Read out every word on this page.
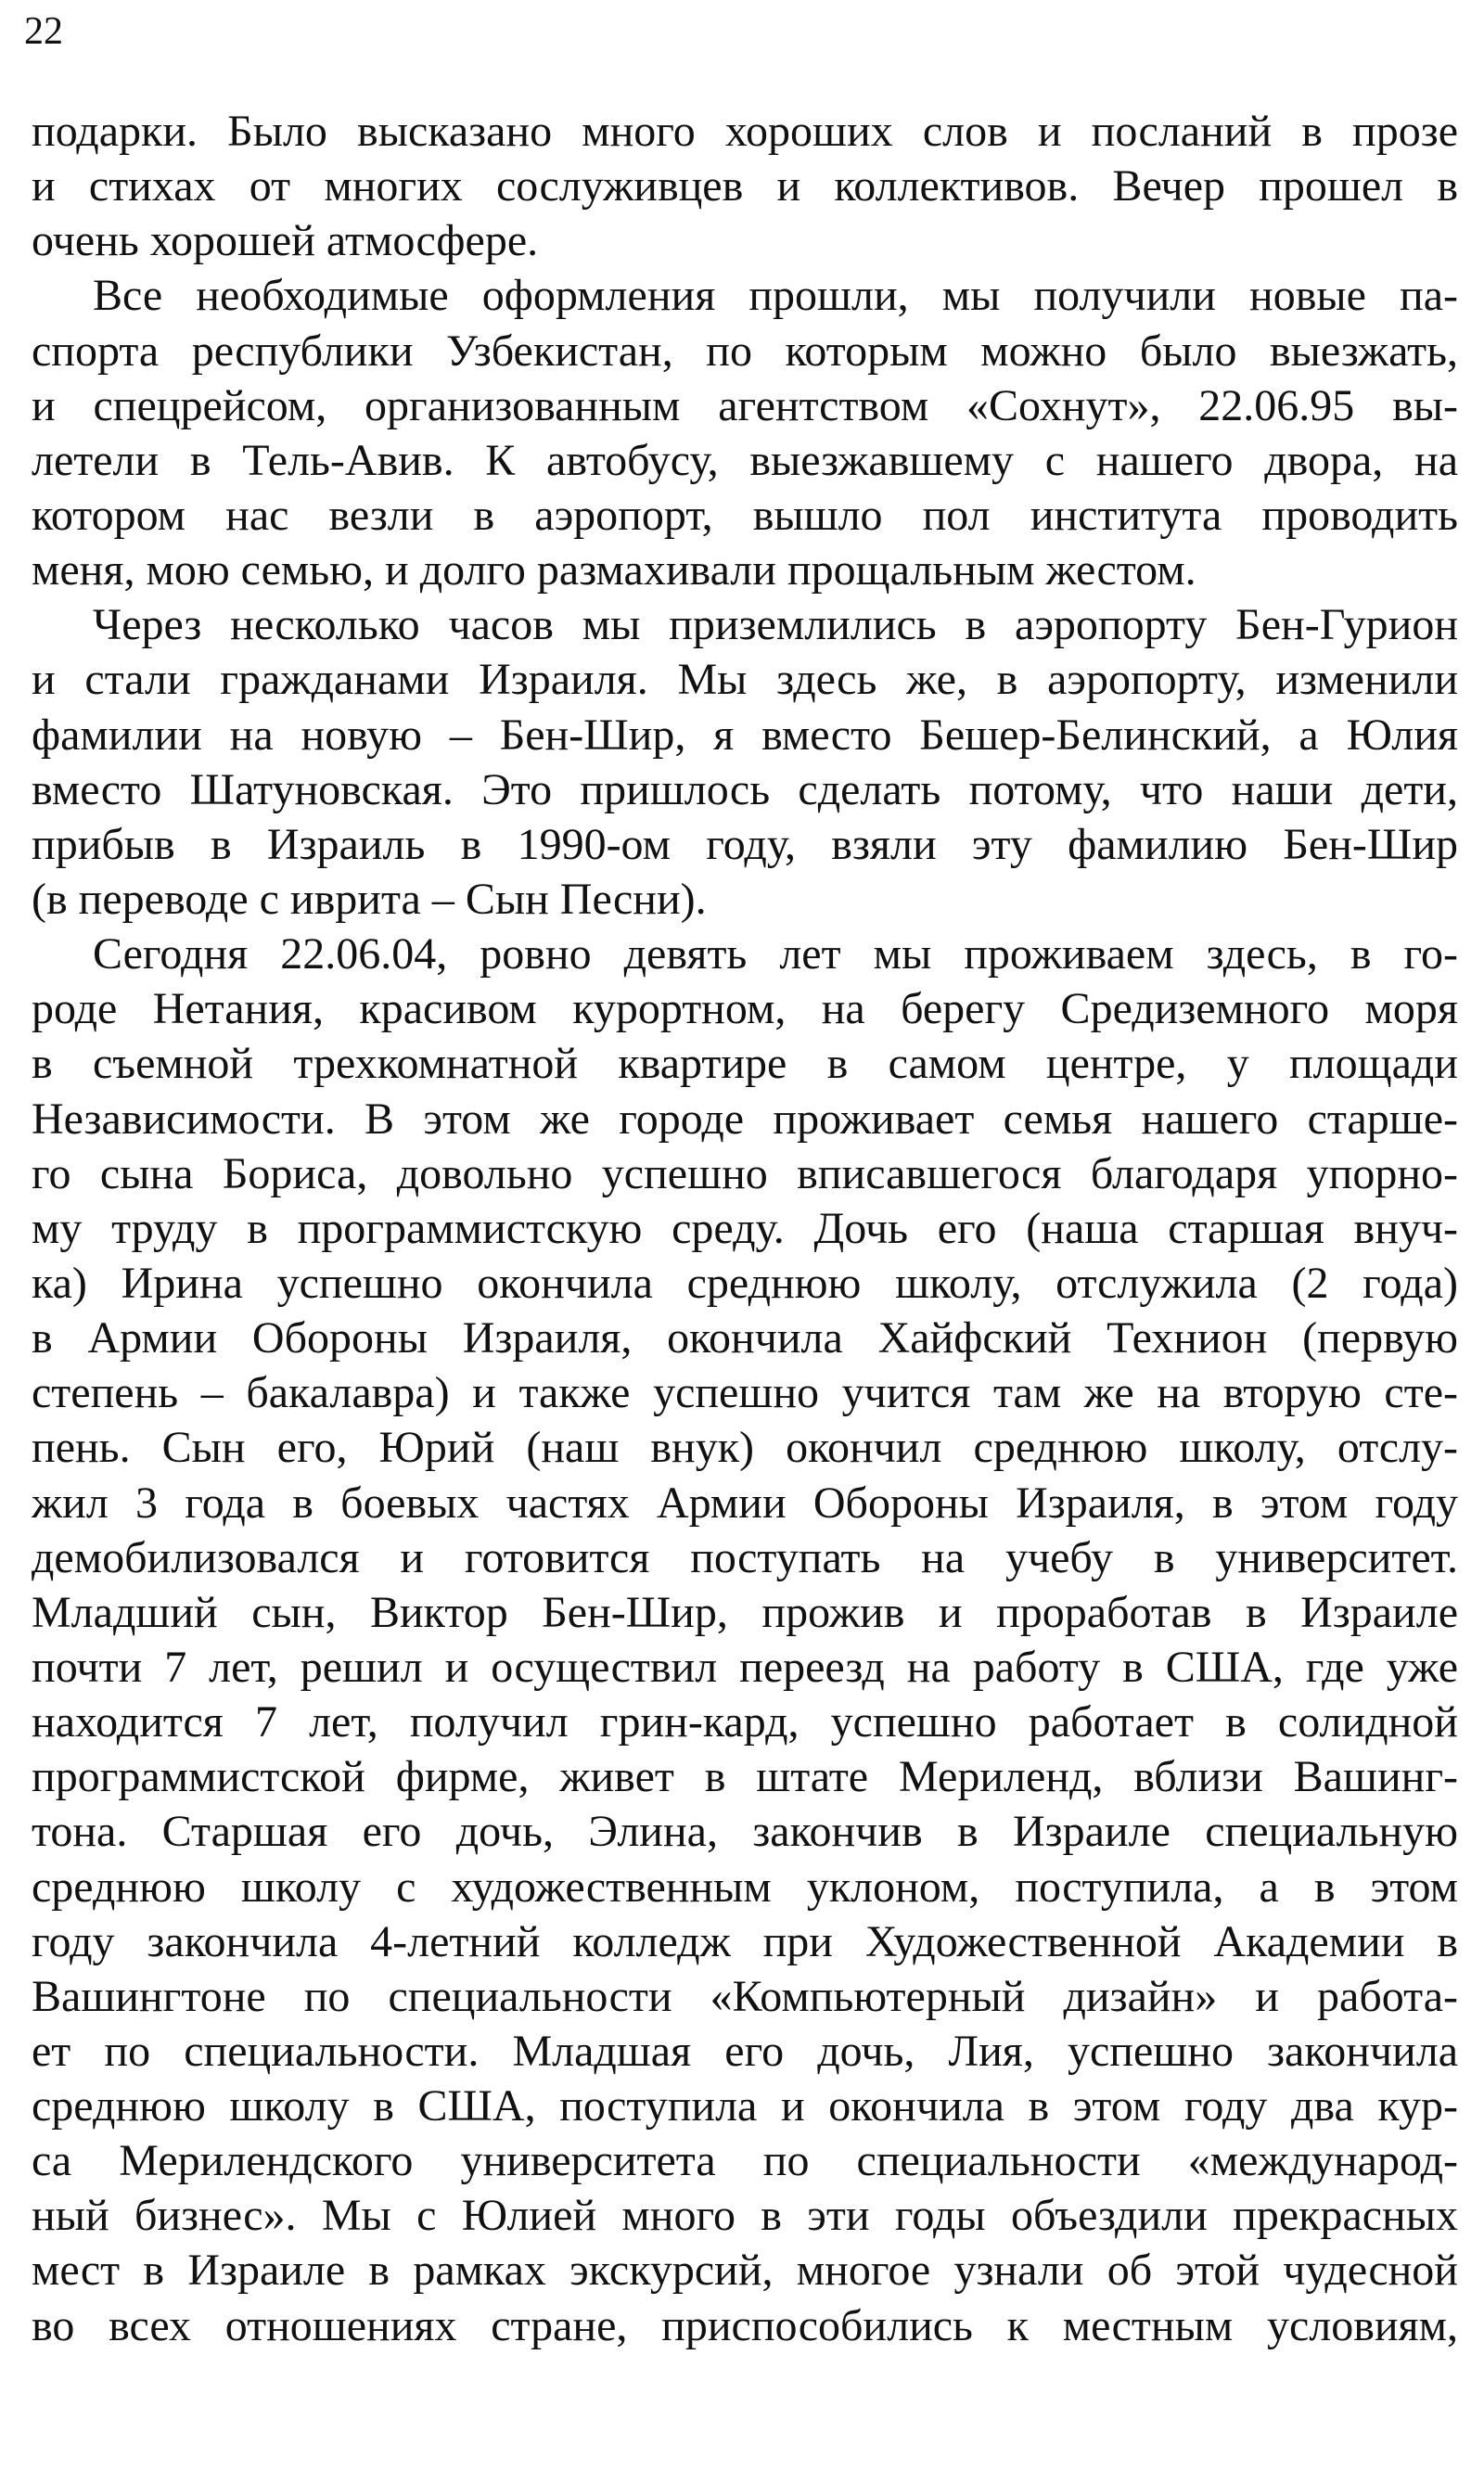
22
подарки. Было высказано много хороших слов и посланий в прозе
и стихах от многих сослуживцев и коллективов. Вечер прошел в
очень хорошей атмосфере.
Все необходимые оформления прошли, мы получили новые па-
спорта республики Узбекистан, по которым можно было выезжать,
и спецрейсом, организованным агентством «Сохнут», 22.06.95 вы-
летели в Тель-Авив. К автобусу, выезжавшему с нашего двора, на
котором нас везли в аэропорт, вышло пол института проводить
меня, мою семью, и долго размахивали прощальным жестом.
Через несколько часов мы приземлились в аэропорту Бен-Гурион
и стали гражданами Израиля. Мы здесь же, в аэропорту, изменили
фамилии на новую – Бен-Шир, я вместо Бешер-Белинский, а Юлия
вместо Шатуновская. Это пришлось сделать потому, что наши дети,
прибыв в Израиль в 1990-ом году, взяли эту фамилию Бен-Шир
(в переводе с иврита – Сын Песни).
Сегодня 22.06.04, ровно девять лет мы проживаем здесь, в го-
роде Нетания, красивом курортном, на берегу Средиземного моря
в съемной трехкомнатной квартире в самом центре, у площади
Независимости. В этом же городе проживает семья нашего старше-
го сына Бориса, довольно успешно вписавшегося благодаря упорно-
му труду в программистскую среду. Дочь его (наша старшая внуч-
ка) Ирина успешно окончила среднюю школу, отслужила (2 года)
в Армии Обороны Израиля, окончила Хайфский Технион (первую
степень – бакалавра) и также успешно учится там же на вторую сте-
пень. Сын его, Юрий (наш внук) окончил среднюю школу, отслу-
жил 3 года в боевых частях Армии Обороны Израиля, в этом году
демобилизовался и готовится поступать на учебу в университет.
Младший сын, Виктор Бен-Шир, прожив и проработав в Израиле
почти 7 лет, решил и осуществил переезд на работу в США, где уже
находится 7 лет, получил грин-кард, успешно работает в солидной
программистской фирме, живет в штате Мериленд, вблизи Вашинг-
тона. Старшая его дочь, Элина, закончив в Израиле специальную
среднюю школу с художественным уклоном, поступила, а в этом
году закончила 4-летний колледж при Художественной Академии в
Вашингтоне по специальности «Компьютерный дизайн» и работа-
ет по специальности. Младшая его дочь, Лия, успешно закончила
среднюю школу в США, поступила и окончила в этом году два кур-
са Мерилендского университета по специальности «международ-
ный бизнес». Мы с Юлией много в эти годы объездили прекрасных
мест в Израиле в рамках экскурсий, многое узнали об этой чудесной
во всех отношениях стране, приспособились к местным условиям,
